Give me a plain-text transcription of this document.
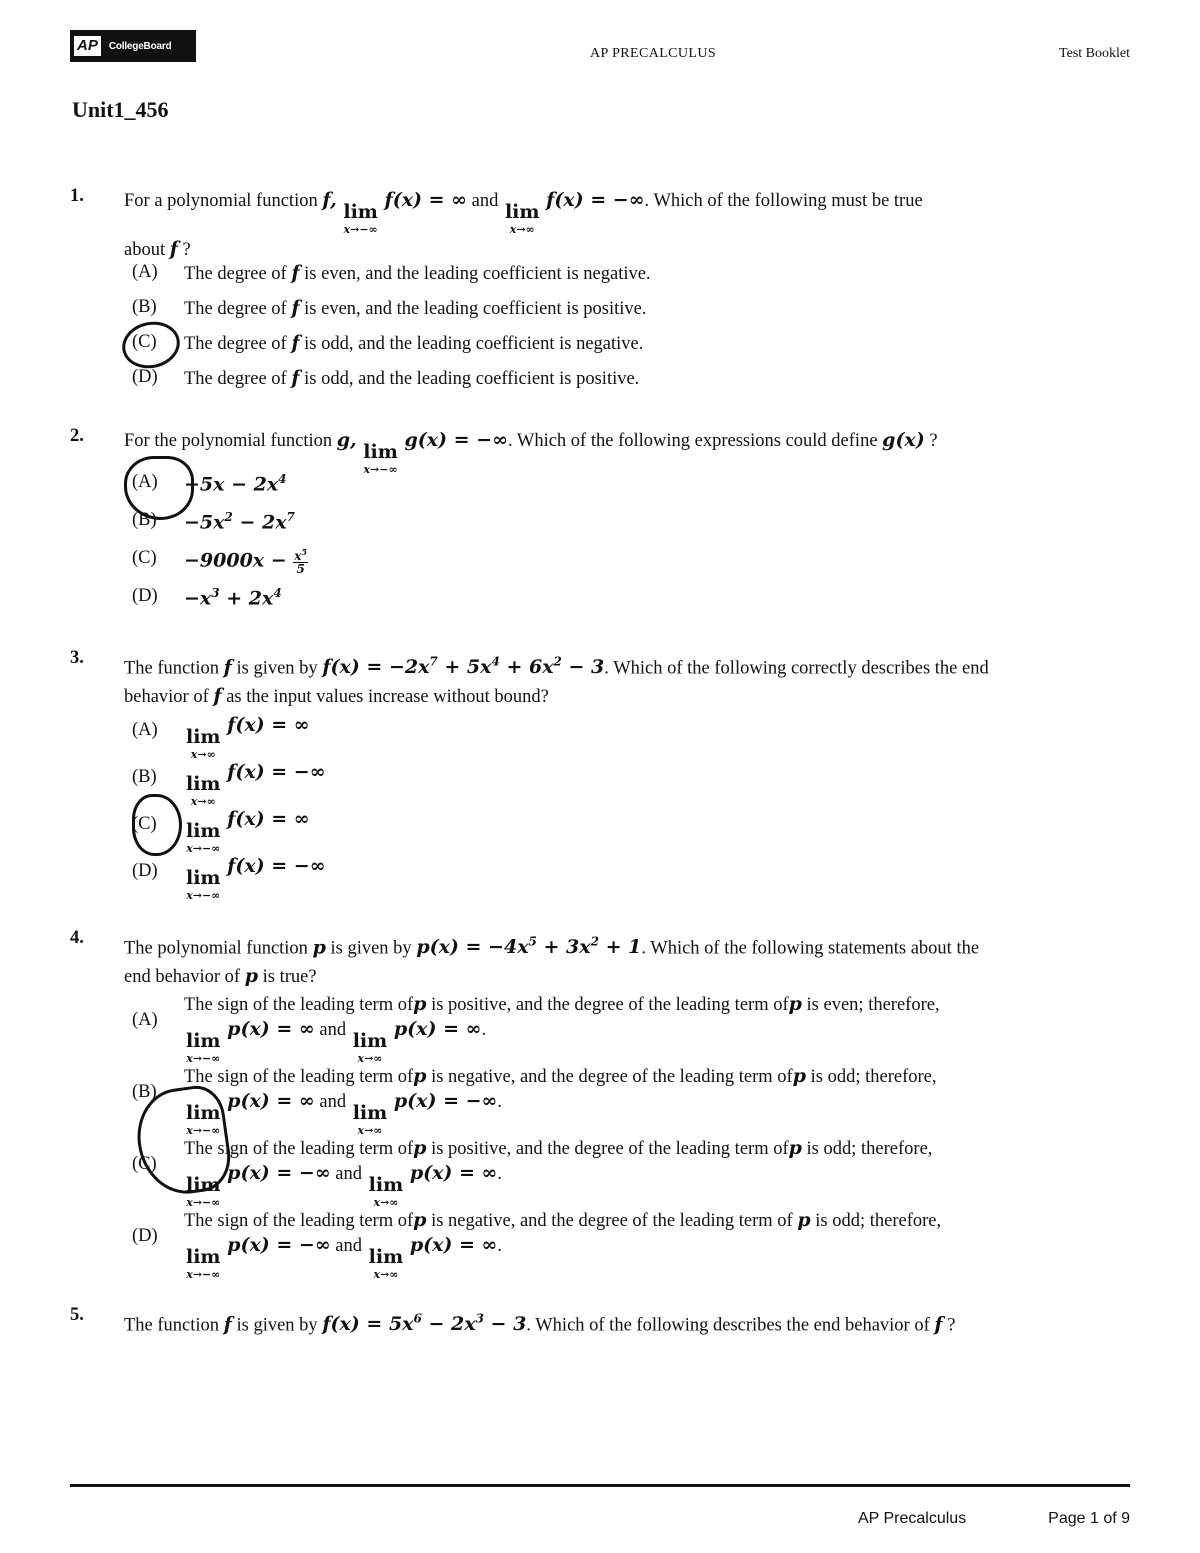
AP	CollegeBoard	AP PRECALCULUS	Test Booklet
Unit1_456
1. For a polynomial function f,
lim
x→−∞
f(x) = ∞ and lim
x→∞
f(x) = −∞. Which of the following must be true
about f ?
(A)	The degree of f is even, and the leading coefficient is negative.
(B)	The degree of f is even, and the leading coefficient is positive.
(C)	The degree of f is odd, and the leading coefficient is negative.
(D)	The degree of f is odd, and the leading coefficient is positive.
2. For the polynomial function g,
lim
x→−∞
g(x) = −∞. Which of the following expressions could define g(x) ?
(A)	$-5x - 2x^4$
(B)	$-5x^2 - 2x^7$
(C)	$-9000x - \frac{x^5}{5}$
(D)	$-x^3 + 2x^4$
3.
The function f is given by $f(x) = -2x^7 + 5x^4 + 6x^2 - 3$. Which of the following correctly describes the end
behavior of f as the input values increase without bound?
(A)	lim
x→∞
f(x) = ∞
(B)	lim
x→∞
f(x) = −∞
(C)	lim
x→−∞
f(x) = ∞
(D)	lim
x→−∞
f(x) = −∞
4.
The polynomial function p is given by $p(x) = -4x^5 + 3x^2 + 1$. Which of the following statements about the
end behavior of p is true?
(A)
The sign of the leading term ofp is positive, and the degree of the leading term ofp is even; therefore,

lim
x→−∞
p(x) = ∞ and lim
x→∞
p(x) = ∞.
(B)
The sign of the leading term ofp is negative, and the degree of the leading term ofp is odd; therefore,

lim
x→−∞
p(x) = ∞ and lim
x→∞
p(x) = −∞.
(C)
The sign of the leading term ofp is positive, and the degree of the leading term ofp is odd; therefore,

lim
x→−∞
p(x) = −∞ and lim
x→∞
p(x) = ∞.
(D)
The sign of the leading term ofp is negative, and the degree of the leading term of p is odd; therefore,

lim
x→−∞
p(x) = −∞ and lim
x→∞
p(x) = ∞.
5.
The function f is given by $f(x) = 5x^6 - 2x^3 - 3$. Which of the following describes the end behavior of f ?
AP Precalculus	Page 1 of 9
